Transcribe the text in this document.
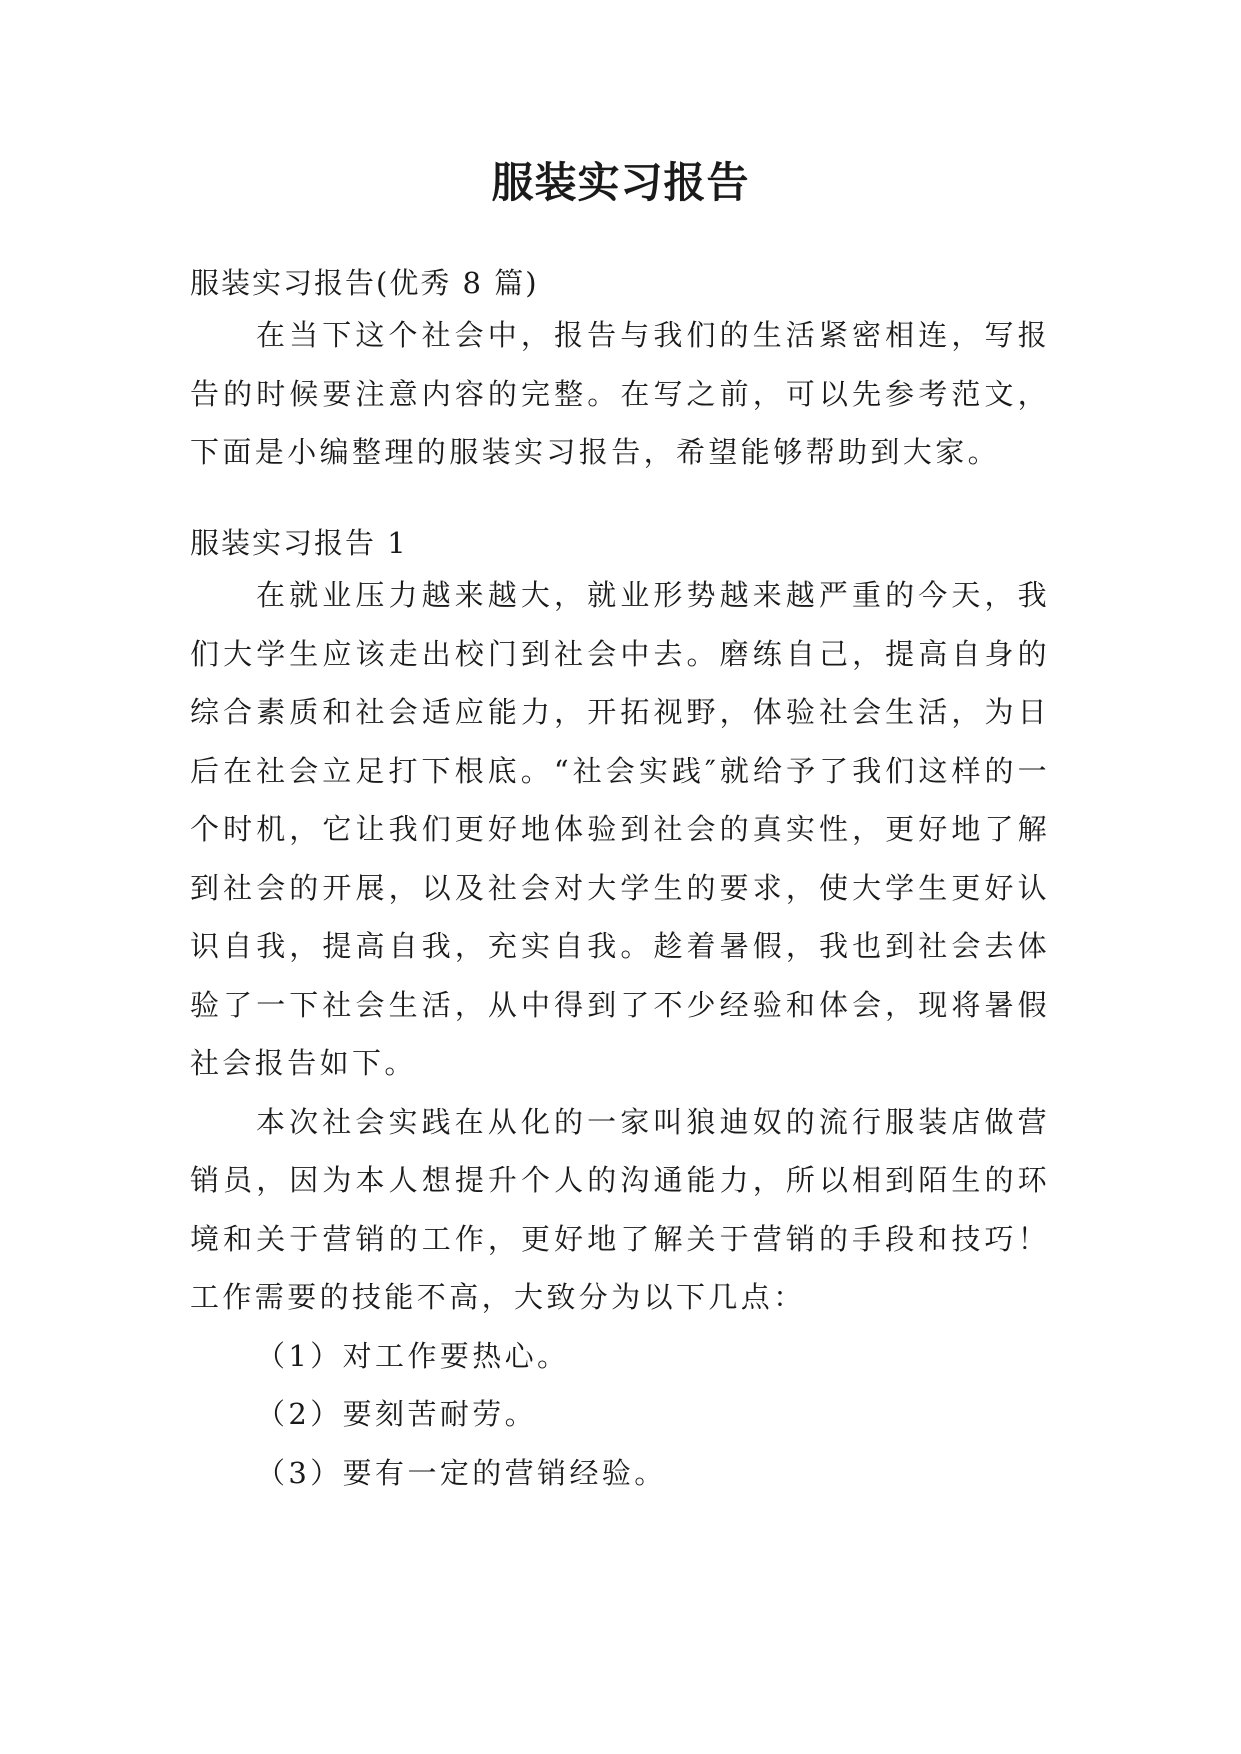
服装实习报告

服装实习报告(优秀 8 篇)

在当下这个社会中，报告与我们的生活紧密相连，写报告的时候要注意内容的完整。在写之前，可以先参考范文，下面是小编整理的服装实习报告，希望能够帮助到大家。

服装实习报告 1

在就业压力越来越大，就业形势越来越严重的今天，我们大学生应该走出校门到社会中去。磨练自己，提高自身的综合素质和社会适应能力，开拓视野，体验社会生活，为日后在社会立足打下根底。“社会实践″就给予了我们这样的一个时机，它让我们更好地体验到社会的真实性，更好地了解到社会的开展，以及社会对大学生的要求，使大学生更好认识自我，提高自我，充实自我。趁着暑假，我也到社会去体验了一下社会生活，从中得到了不少经验和体会，现将暑假社会报告如下。

本次社会实践在从化的一家叫狼迪奴的流行服装店做营销员，因为本人想提升个人的沟通能力，所以相到陌生的环境和关于营销的工作，更好地了解关于营销的手段和技巧！工作需要的技能不高，大致分为以下几点：

（1）对工作要热心。

（2）要刻苦耐劳。

（3）要有一定的营销经验。
